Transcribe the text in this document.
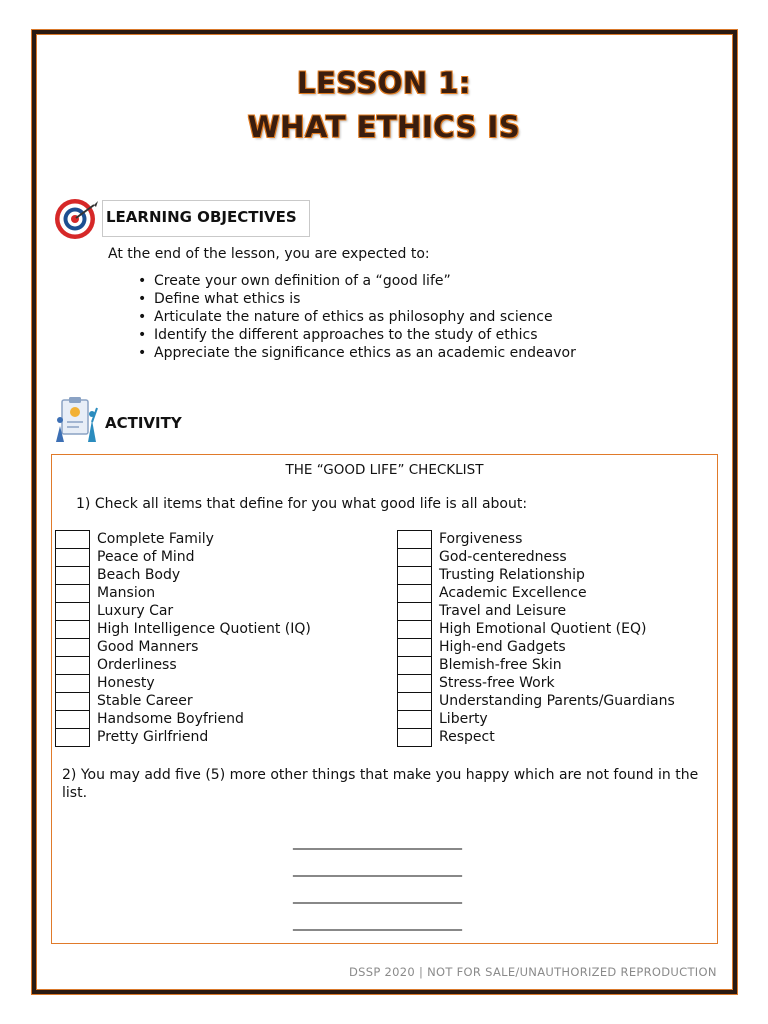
LESSON 1:
WHAT ETHICS IS
LEARNING OBJECTIVES
At the end of the lesson, you are expected to:
• Create your own definition of a “good life”
• Define what ethics is
• Articulate the nature of ethics as philosophy and science
• Identify the different approaches to the study of ethics
• Appreciate the significance ethics as an academic endeavor
ACTIVITY
THE “GOOD LIFE” CHECKLIST
1) Check all items that define for you what good life is all about:
Complete Family
Peace of Mind
Beach Body
Mansion
Luxury Car
High Intelligence Quotient (IQ)
Good Manners
Orderliness
Honesty
Stable Career
Handsome Boyfriend
Pretty Girlfriend
Forgiveness
God-centeredness
Trusting Relationship
Academic Excellence
Travel and Leisure
High Emotional Quotient (EQ)
High-end Gadgets
Blemish-free Skin
Stress-free Work
Understanding Parents/Guardians
Liberty
Respect
2) You may add five (5) more other things that make you happy which are not found in the list.
____________________________
____________________________
____________________________
____________________________
DSSP 2020 | NOT FOR SALE/UNAUTHORIZED REPRODUCTION
